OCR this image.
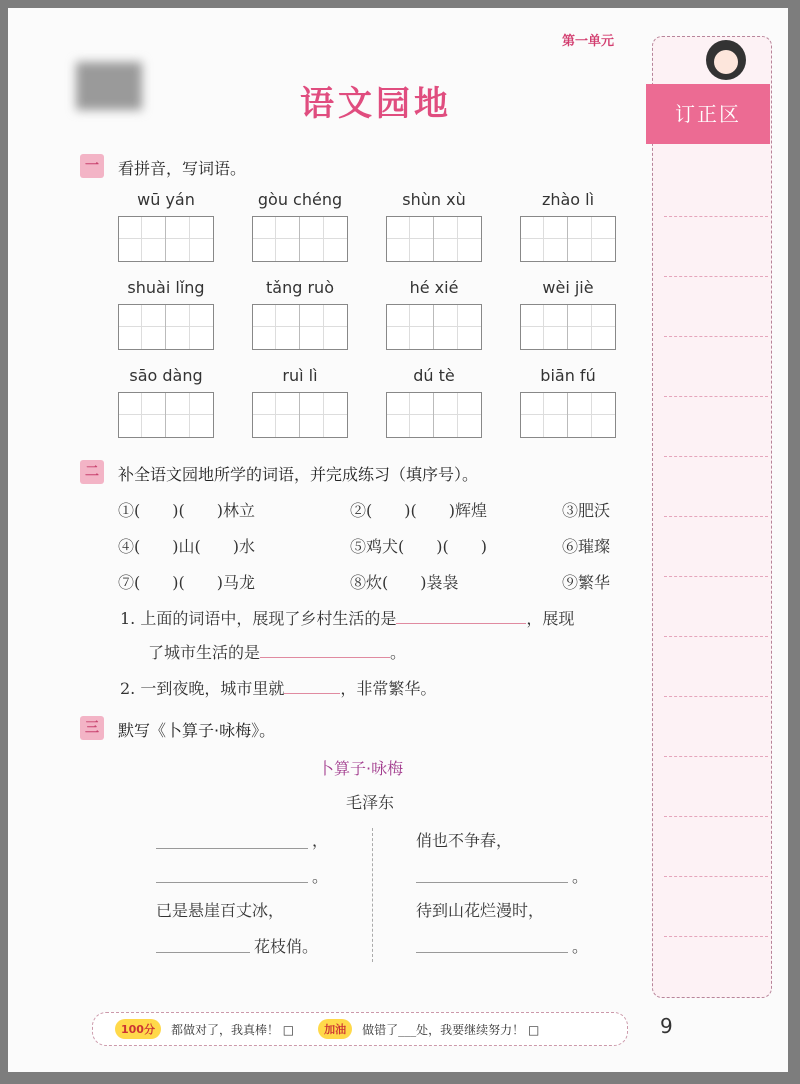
第一单元
语文园地	订正区
一	看拼音，写词语。
wū yán	gòu chéng	shùn xù	zhào lì
shuài lǐng	tǎng ruò	hé xié	wèi jiè
sāo dàng	ruì lì	dú tè	biān fú
二	补全语文园地所学的词语，并完成练习（填序号）。
①(　　)(　　)林立	②(　　)(　　)辉煌	③肥沃
④(　　)山(　　)水	⑤鸡犬(　　)(　　)	⑥璀璨
⑦(　　)(　　)马龙	⑧炊(　　)袅袅	⑨繁华
1. 上面的词语中，展现了乡村生活的是	，展现
了城市生活的是	。
2. 一到夜晚，城市里就	，非常繁华。
三	默写《卜算子·咏梅》。
卜算子·咏梅
毛泽东
，
。
已是悬崖百丈冰，
花枝俏。
俏也不争春，
。
待到山花烂漫时，
。
100分	都做对了，我真棒！ □	加油	做错了___处，我要继续努力！ □	9
